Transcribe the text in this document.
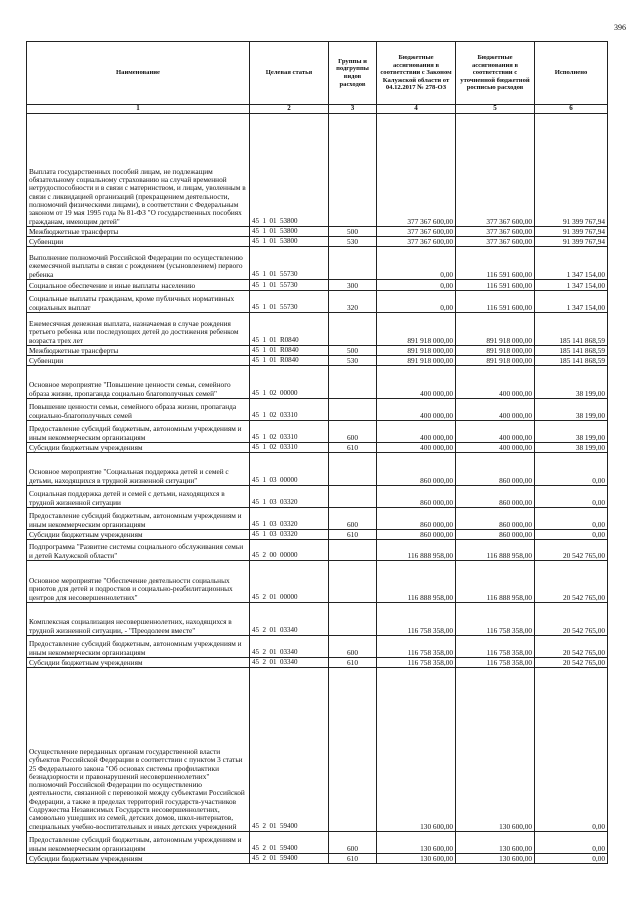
396
Наименование	Целевая статья	Группы и подгруппы видов расходов	Бюджетные ассигнования в соответствии с Законом Калужской области от 04.12.2017 № 278-ОЗ	Бюджетные ассигнования в соответствии с уточненной бюджетной росписью расходов	Исполнено
1	2	3	4	5	6
Выплата государственных пособий лицам, не подлежащим обязательному социальному страхованию на случай временной нетрудоспособности и в связи с материнством, и лицам, уволенным в связи с ликвидацией организаций (прекращением деятельности, полномочий физическими лицами), в соответствии с Федеральным законом от 19 мая 1995 года № 81-ФЗ "О государственных пособиях гражданам, имеющим детей"	45  1  01  53800		377 367 600,00	377 367 600,00	91 399 767,94
Межбюджетные трансферты	45  1  01  53800	500	377 367 600,00	377 367 600,00	91 399 767,94
Субвенции	45  1  01  53800	530	377 367 600,00	377 367 600,00	91 399 767,94
Выполнение полномочий Российской Федерации по осуществлению ежемесячной выплаты в связи с рождением (усыновлением) первого ребенка	45  1  01  55730		0,00	116 591 600,00	1 347 154,00
Социальное обеспечение и иные выплаты населению	45  1  01  55730	300	0,00	116 591 600,00	1 347 154,00
Социальные выплаты гражданам, кроме публичных нормативных социальных выплат	45  1  01  55730	320	0,00	116 591 600,00	1 347 154,00
Ежемесячная денежная выплата, назначаемая в случае рождения третьего ребенка или последующих детей до достижения ребенком возраста трех лет	45  1  01  R0840		891 918 000,00	891 918 000,00	185 141 868,59
Межбюджетные трансферты	45  1  01  R0840	500	891 918 000,00	891 918 000,00	185 141 868,59
Субвенции	45  1  01  R0840	530	891 918 000,00	891 918 000,00	185 141 868,59
Основное мероприятие "Повышение ценности семьи, семейного образа жизни, пропаганда социально благополучных семей"	45  1  02  00000		400 000,00	400 000,00	38 199,00
Повышение ценности семьи, семейного образа жизни, пропаганда социально-благополучных семей	45  1  02  03310		400 000,00	400 000,00	38 199,00
Предоставление субсидий бюджетным, автономным учреждениям и иным некоммерческим организациям	45  1  02  03310	600	400 000,00	400 000,00	38 199,00
Субсидии бюджетным учреждениям	45  1  02  03310	610	400 000,00	400 000,00	38 199,00
Основное мероприятие "Социальная поддержка детей и семей с детьми, находящихся в трудной жизненной ситуации"	45  1  03  00000		860 000,00	860 000,00	0,00
Социальная поддержка детей и семей с детьми, находящихся в трудной жизненной ситуации	45  1  03  03320		860 000,00	860 000,00	0,00
Предоставление субсидий бюджетным, автономным учреждениям и иным некоммерческим организациям	45  1  03  03320	600	860 000,00	860 000,00	0,00
Субсидии бюджетным учреждениям	45  1  03  03320	610	860 000,00	860 000,00	0,00
Подпрограмма "Развитие системы социального обслуживания семьи и детей Калужской области"	45  2  00  00000		116 888 958,00	116 888 958,00	20 542 765,00
Основное мероприятие "Обеспечение деятельности социальных приютов для детей и подростков и социально-реабилитационных центров для несовершеннолетних"	45  2  01  00000		116 888 958,00	116 888 958,00	20 542 765,00
Комплексная социализация несовершеннолетних, находящихся в трудной жизненной ситуации, - "Преодолеем вместе"	45  2  01  03340		116 758 358,00	116 758 358,00	20 542 765,00
Предоставление субсидий бюджетным, автономным учреждениям и иным некоммерческим организациям	45  2  01  03340	600	116 758 358,00	116 758 358,00	20 542 765,00
Субсидии бюджетным учреждениям	45  2  01  03340	610	116 758 358,00	116 758 358,00	20 542 765,00
Осуществление переданных органам государственной власти субъектов Российской Федерации в соответствии с пунктом 3 статьи 25 Федерального закона "Об основах системы профилактики безнадзорности и правонарушений несовершеннолетних" полномочий Российской Федерации по осуществлению деятельности, связанной с перевозкой между субъектами Российской Федерации, а также в пределах территорий государств-участников Содружества Независимых Государств несовершеннолетних, самовольно ушедших из семей, детских домов, школ-интернатов, специальных учебно-воспитательных и иных детских учреждений	45  2  01  59400		130 600,00	130 600,00	0,00
Предоставление субсидий бюджетным, автономным учреждениям и иным некоммерческим организациям	45  2  01  59400	600	130 600,00	130 600,00	0,00
Субсидии бюджетным учреждениям	45  2  01  59400	610	130 600,00	130 600,00	0,00
